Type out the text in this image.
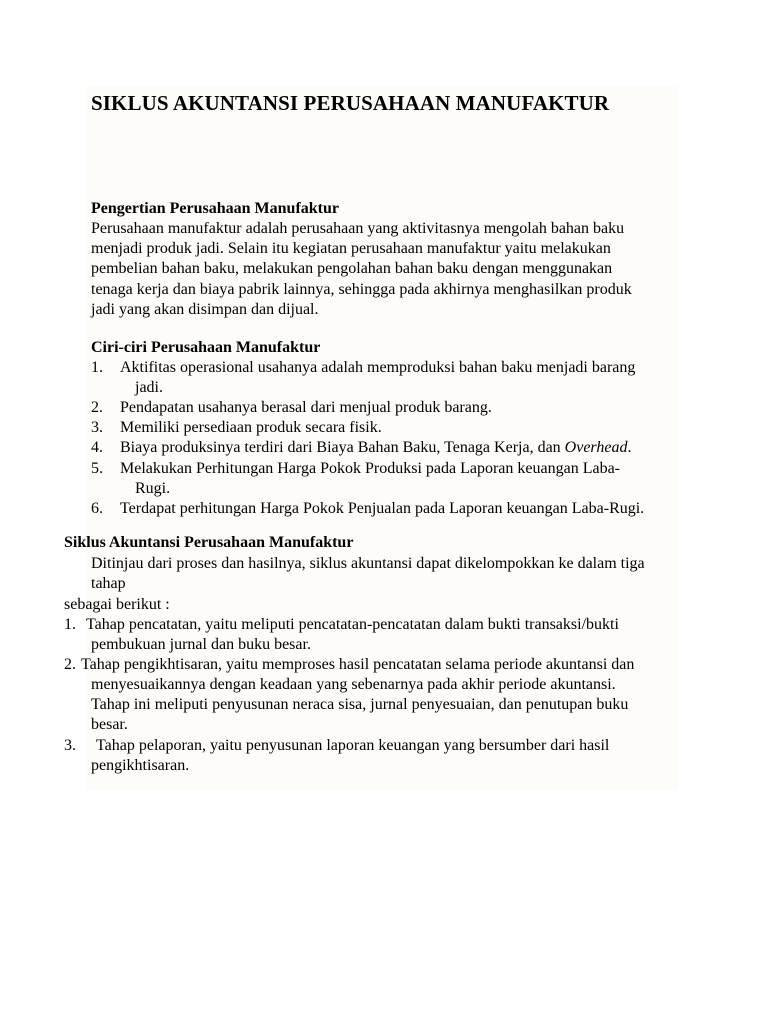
SIKLUS AKUNTANSI PERUSAHAAN MANUFAKTUR
Pengertian Perusahaan Manufaktur
Perusahaan manufaktur adalah perusahaan yang aktivitasnya mengolah bahan baku
menjadi produk jadi. Selain itu kegiatan perusahaan manufaktur yaitu melakukan
pembelian bahan baku, melakukan pengolahan bahan baku dengan menggunakan
tenaga kerja dan biaya pabrik lainnya, sehingga pada akhirnya menghasilkan produk
jadi yang akan disimpan dan dijual.
Ciri-ciri Perusahaan Manufaktur
1. Aktifitas operasional usahanya adalah memproduksi bahan baku menjadi barang
jadi.
2. Pendapatan usahanya berasal dari menjual produk barang.
3. Memiliki persediaan produk secara fisik.
4. Biaya produksinya terdiri dari Biaya Bahan Baku, Tenaga Kerja, dan Overhead.
5. Melakukan Perhitungan Harga Pokok Produksi pada Laporan keuangan Laba-
Rugi.
6. Terdapat perhitungan Harga Pokok Penjualan pada Laporan keuangan Laba-Rugi.
Siklus Akuntansi Perusahaan Manufaktur
Ditinjau dari proses dan hasilnya, siklus akuntansi dapat dikelompokkan ke dalam tiga
tahap
sebagai berikut :
1. Tahap pencatatan, yaitu meliputi pencatatan-pencatatan dalam bukti transaksi/bukti
pembukuan jurnal dan buku besar.
2. Tahap pengikhtisaran, yaitu memproses hasil pencatatan selama periode akuntansi dan
menyesuaikannya dengan keadaan yang sebenarnya pada akhir periode akuntansi.
Tahap ini meliputi penyusunan neraca sisa, jurnal penyesuaian, dan penutupan buku
besar.
3. Tahap pelaporan, yaitu penyusunan laporan keuangan yang bersumber dari hasil
pengikhtisaran.
